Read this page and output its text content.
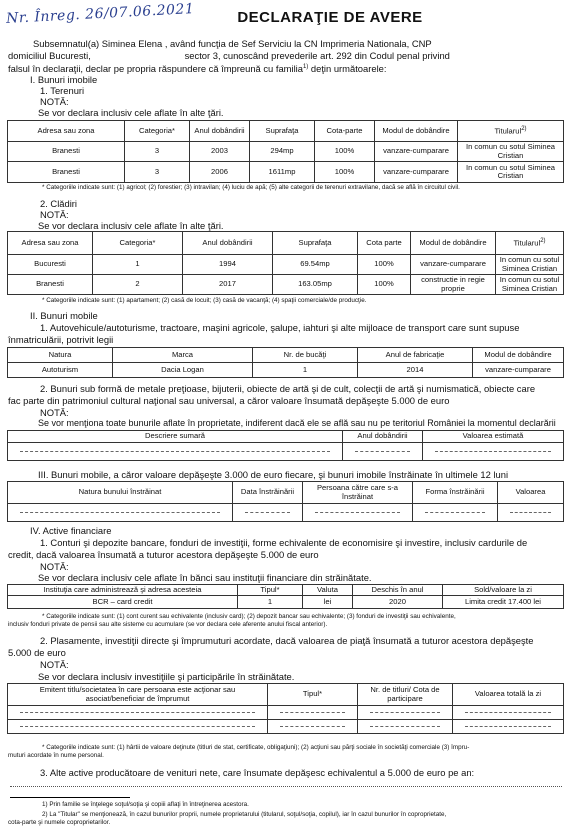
Nr. Înreg. 26/07.06.2021	DECLARAŢIE DE AVERE
Subsemnatul(a) Siminea Elena , având funcţia de Sef Serviciu la CN Imprimeria Nationala, CNP
domiciliul Bucuresti,                                    sector 3, cunoscând prevederile art. 292 din Codul penal privind
falsul în declaraţii, declar pe propria răspundere că împreună cu familia$^{1)}$ deţin următoarele:
I. Bunuri imobile
1. Terenuri
NOTĂ:
Se vor declara inclusiv cele aflate în alte ţări.
Adresa sau zona	Categoria*	Anul dobândirii	Suprafaţa	Cota-parte	Modul de dobândire	Titularul$^{2)}$
Branesti	3	2003	294mp	100%	vanzare-cumparare	In comun cu sotul Siminea Cristian
Branesti	3	2006	1611mp	100%	vanzare-cumparare	In comun cu sotul Siminea Cristian
* Categoriile indicate sunt: (1) agricol; (2) forestier; (3) intravilan; (4) luciu de apă; (5) alte categorii de terenuri extravilane, dacă se află în circuitul civil.
2. Clădiri
NOTĂ:
Se vor declara inclusiv cele aflate în alte ţări.
Adresa sau zona	Categoria*	Anul dobândirii	Suprafaţa	Cota parte	Modul de dobândire	Titularul$^{2)}$
Bucuresti	1	1994	69.54mp	100%	vanzare-cumparare	In comun cu sotul Siminea Cristian
Branesti	2	2017	163.05mp	100%	constructie in regie proprie	In comun cu sotul Siminea Cristian
* Categoriile indicate sunt: (1) apartament; (2) casă de locuit; (3) casă de vacanţă; (4) spaţii comerciale/de producţie.
II. Bunuri mobile
1. Autovehicule/autoturisme, tractoare, maşini agricole, şalupe, iahturi şi alte mijloace de transport care sunt supuse
înmatriculării, potrivit legii
Natura	Marca	Nr. de bucăţi	Anul de fabricaţie	Modul de dobândire
Autoturism	Dacia Logan	1	2014	vanzare-cumparare
2. Bunuri sub formă de metale preţioase, bijuterii, obiecte de artă şi de cult, colecţii de artă şi numismatică, obiecte care
fac parte din patrimoniul cultural naţional sau universal, a căror valoare însumată depăşeşte 5.000 de euro
NOTĂ:
Se vor menţiona toate bunurile aflate în proprietate, indiferent dacă ele se află sau nu pe teritoriul României la momentul declarării
Descriere sumară	Anul dobândirii	Valoarea estimată

III. Bunuri mobile, a căror valoare depăşeşte 3.000 de euro fiecare, şi bunuri imobile înstrăinate în ultimele 12 luni
Natura bunului înstrăinat	Data înstrăinării	Persoana către care s-a înstrăinat	Forma înstrăinării	Valoarea

IV. Active financiare
1. Conturi şi depozite bancare, fonduri de investiţii, forme echivalente de economisire şi investire, inclusiv cardurile de
credit, dacă valoarea însumată a tuturor acestora depăşeşte 5.000 de euro
NOTĂ:
Se vor declara inclusiv cele aflate în bănci sau instituţii financiare din străinătate.
Instituţia care administrează şi adresa acesteia	Tipul*	Valuta	Deschis în anul	Sold/valoare la zi
BCR – card credit	1	lei	2020	Limita credit 17.400 lei
* Categoriile indicate sunt: (1) cont curent sau echivalente (inclusiv card); (2) depozit bancar sau echivalente; (3) fonduri de investiţii sau echivalente,
inclusiv fonduri private de pensii sau alte sisteme cu acumulare (se vor declara cele aferente anului fiscal anterior).
2. Plasamente, investiţii directe şi împrumuturi acordate, dacă valoarea de piaţă însumată a tuturor acestora depăşeşte
5.000 de euro
NOTĂ:
Se vor declara inclusiv investiţiile şi participările în străinătate.
Emitent titlu/societatea în care persoana este acţionar sau asociat/beneficiar de împrumut	Tipul*	Nr. de titluri/ Cota de participare	Valoarea totală la zi

* Categoriile indicate sunt: (1) hârtii de valoare deţinute (titluri de stat, certificate, obligaţiuni); (2) acţiuni sau părţi sociale în societăţi comerciale (3) împru-
muturi acordate în nume personal.
3. Alte active producătoare de venituri nete, care însumate depăşesc echivalentul a 5.000 de euro pe an:
1) Prin familie se înţelege soţul/soţia şi copiii aflaţi în întreţinerea acestora.
2) La "Titular" se menţionează, în cazul bunurilor proprii, numele proprietarului (titularul, soţul/soţia, copilul), iar în cazul bunurilor în coproprietate,
cota-parte şi numele coproprietarilor.
